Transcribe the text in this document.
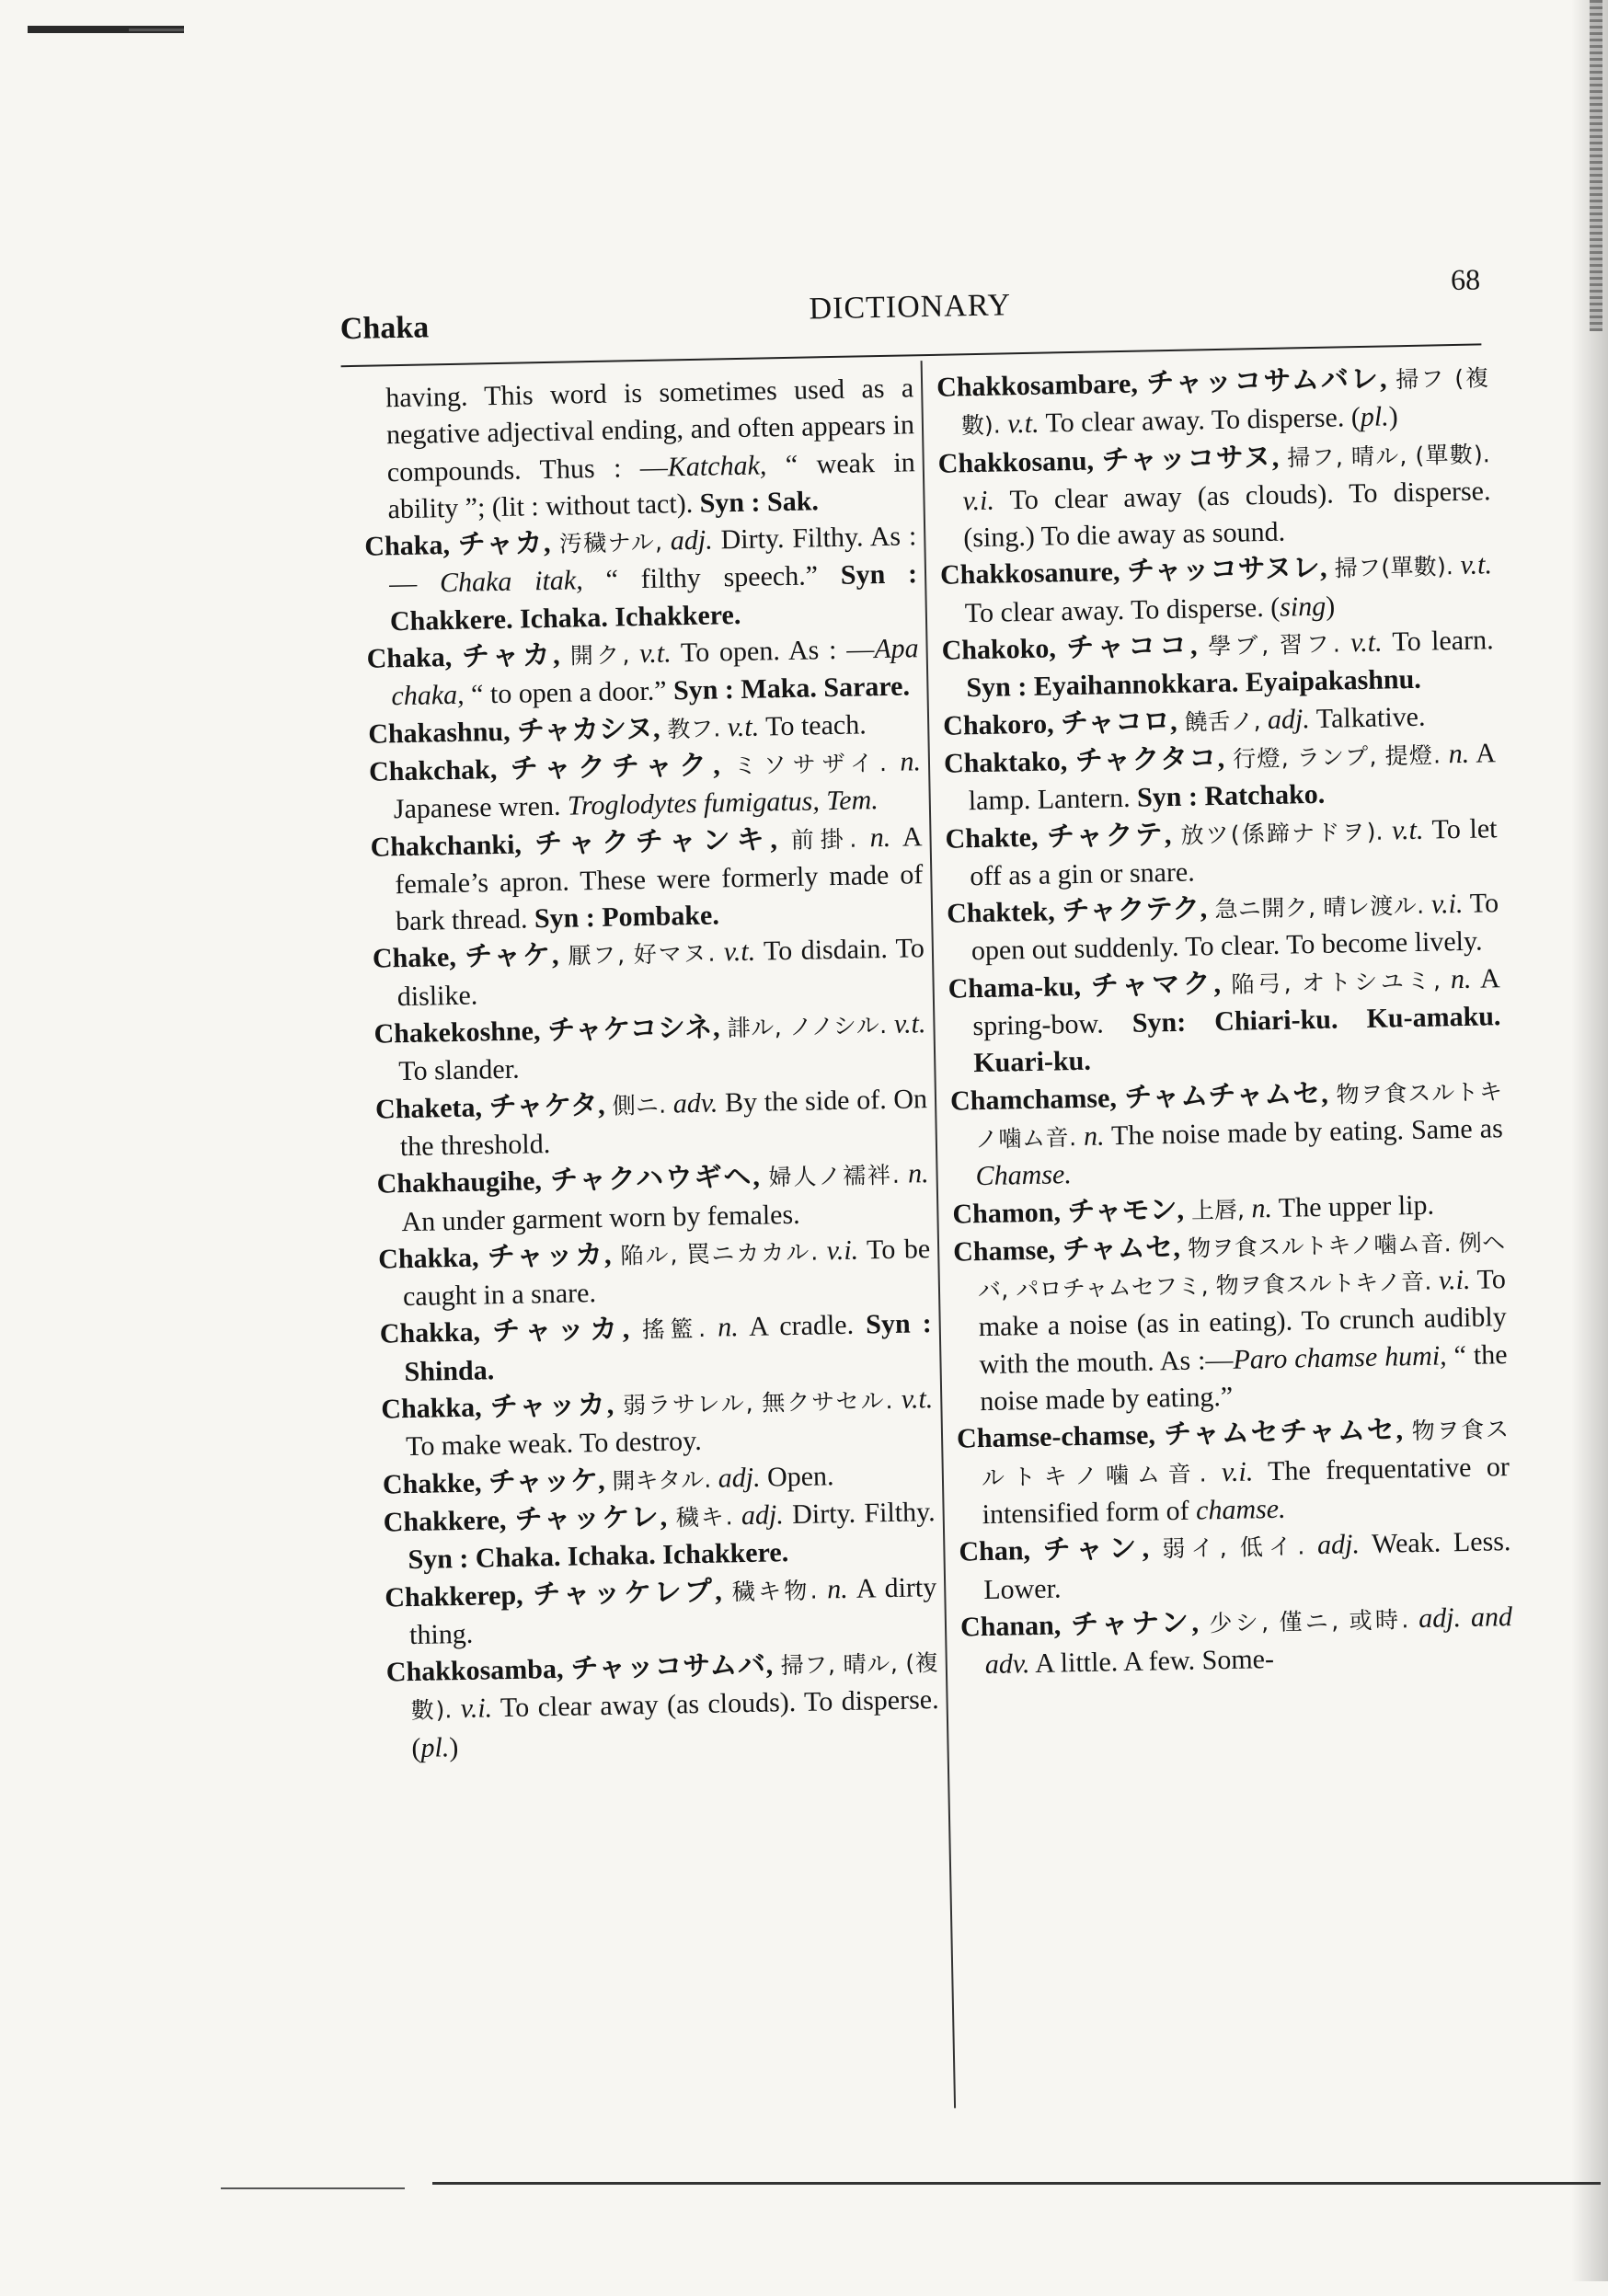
Chaka
DICTIONARY
68

having. This word is sometimes used as a negative adjectival ending, and often appears in compounds. Thus : —Katchak, “ weak in ability ”; (lit : without tact). Syn : Sak.

Chaka, チャカ, 汚穢ナル, adj. Dirty. Filthy. As : — Chaka itak, “ filthy speech.” Syn : Chakkere. Ichaka. Ichakkere.

Chaka, チャカ, 開ク, v.t. To open. As : —Apa chaka, “ to open a door.” Syn : Maka. Sarare.

Chakashnu, チャカシヌ, 教フ. v.t. To teach.

Chakchak, チャクチャク, ミソサザイ. n. Japanese wren. Troglodytes fumigatus, Tem.

Chakchanki, チャクチャンキ, 前掛. n. A female’s apron. These were formerly made of bark thread. Syn : Pombake.

Chake, チャケ, 厭フ, 好マヌ. v.t. To disdain. To dislike.

Chakekoshne, チャケコシネ, 誹ル, ノノシル. v.t. To slander.

Chaketa, チャケタ, 側ニ. adv. By the side of. On the threshold.

Chakhaugihe, チャクハウギヘ, 婦人ノ襦袢. n. An under garment worn by females.

Chakka, チャッカ, 陥ル, 罠ニカカル. v.i. To be caught in a snare.

Chakka, チャッカ, 搖籃. n. A cradle. Syn : Shinda.

Chakka, チャッカ, 弱ラサレル, 無クサセル. v.t. To make weak. To destroy.

Chakke, チャッケ, 開キタル. adj. Open.

Chakkere, チャッケレ, 穢キ. adj. Dirty. Filthy. Syn : Chaka. Ichaka. Ichakkere.

Chakkerep, チャッケレプ, 穢キ物. n. A dirty thing.

Chakkosamba, チャッコサムバ, 掃フ, 晴ル, (複數). v.i. To clear away (as clouds). To disperse. (pl.)

Chakkosambare, チャッコサムバレ, 掃フ (複數). v.t. To clear away. To disperse. (pl.)

Chakkosanu, チャッコサヌ, 掃フ, 晴ル, (單數). v.i. To clear away (as clouds). To disperse. (sing.) To die away as sound.

Chakkosanure, チャッコサヌレ, 掃フ(單數). v.t. To clear away. To disperse. (sing)

Chakoko, チャココ, 學ブ, 習フ. v.t. To learn. Syn : Eyaihannokkara. Eyaipakashnu.

Chakoro, チャコロ, 饒舌ノ, adj. Talkative.

Chaktako, チャクタコ, 行燈, ランプ, 提燈. n. A lamp. Lantern. Syn : Ratchako.

Chakte, チャクテ, 放ツ(係蹄ナドヲ). v.t. To let off as a gin or snare.

Chaktek, チャクテク, 急ニ開ク, 晴レ渡ル. v.i. To open out suddenly. To clear. To become lively.

Chama-ku, チャマク, 陥弓, オトシユミ, n. A spring-bow. Syn: Chiari-ku. Ku-amaku. Kuari-ku.

Chamchamse, チャムチャムセ, 物ヲ食スルトキノ噛ム音. n. The noise made by eating. Same as Chamse.

Chamon, チャモン, 上唇, n. The upper lip.

Chamse, チャムセ, 物ヲ食スルトキノ噛ム音. 例ヘバ, パロチャムセフミ, 物ヲ食スルトキノ音. v.i. To make a noise (as in eating). To crunch audibly with the mouth. As :—Paro chamse humi, “ the noise made by eating.”

Chamse-chamse, チャムセチャムセ, 物ヲ食スルトキノ噛ム音. v.i. The frequentative or intensified form of chamse.

Chan, チャン, 弱イ, 低イ. adj. Weak. Less. Lower.

Chanan, チャナン, 少シ, 僅ニ, 或時. adj. and adv. A little. A few. Some-
